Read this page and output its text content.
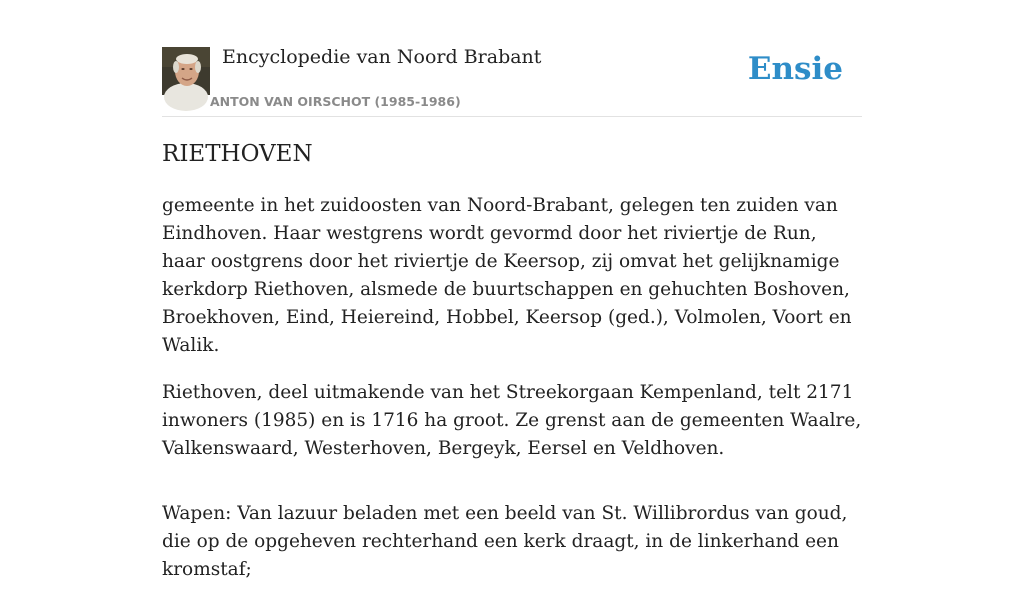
Encyclopedie van Noord Brabant
ANTON VAN OIRSCHOT (1985-1986)
Ensie
RIETHOVEN

gemeente in het zuidoosten van Noord-Brabant, gelegen ten zuiden van Eindhoven. Haar westgrens wordt gevormd door het riviertje de Run, haar oostgrens door het riviertje de Keersop, zij omvat het gelijknamige kerkdorp Riethoven, alsmede de buurtschappen en gehuchten Boshoven, Broekhoven, Eind, Heiereind, Hobbel, Keersop (ged.), Volmolen, Voort en Walik.

Riethoven, deel uitmakende van het Streekorgaan Kempenland, telt 2171 inwoners (1985) en is 1716 ha groot. Ze grenst aan de gemeenten Waalre, Valkenswaard, Westerhoven, Bergeyk, Eersel en Veldhoven.

Wapen: Van lazuur beladen met een beeld van St. Willibrordus van goud, die op de opgeheven rechterhand een kerk draagt, in de linkerhand een kromstaf;
